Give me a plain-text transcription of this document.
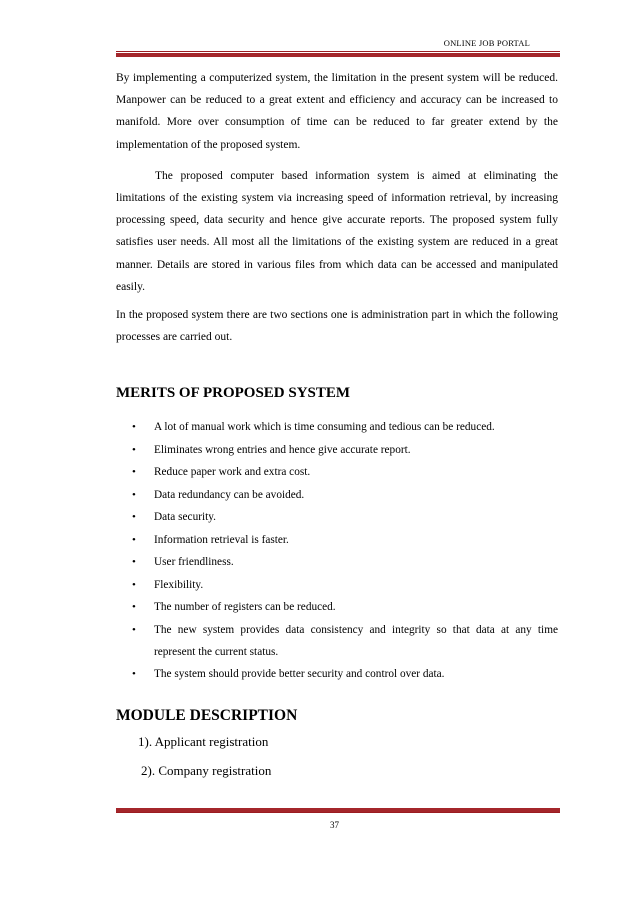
ONLINE JOB PORTAL

By implementing a computerized system, the limitation in the present system will be reduced. Manpower can be reduced to a great extent and efficiency and accuracy can be increased to manifold. More over consumption of time can be reduced to far greater extend by the implementation of the proposed system.

The proposed computer based information system is aimed at eliminating the limitations of the existing system via increasing speed of information retrieval, by increasing processing speed, data security and hence give accurate reports. The proposed system fully satisfies user needs. All most all the limitations of the existing system are reduced in a great manner. Details are stored in various files from which data can be accessed and manipulated easily.

In the proposed system there are two sections one is administration part in which the following processes are carried out.

MERITS OF PROPOSED SYSTEM
• A lot of manual work which is time consuming and tedious can be reduced.
• Eliminates wrong entries and hence give accurate report.
• Reduce paper work and extra cost.
• Data redundancy can be avoided.
• Data security.
• Information retrieval is faster.
• User friendliness.
• Flexibility.
• The number of registers can be reduced.
• The new system provides data consistency and integrity so that data at any time represent the current status.
• The system should provide better security and control over data.
MODULE DESCRIPTION

1). Applicant registration

2). Company registration

37
